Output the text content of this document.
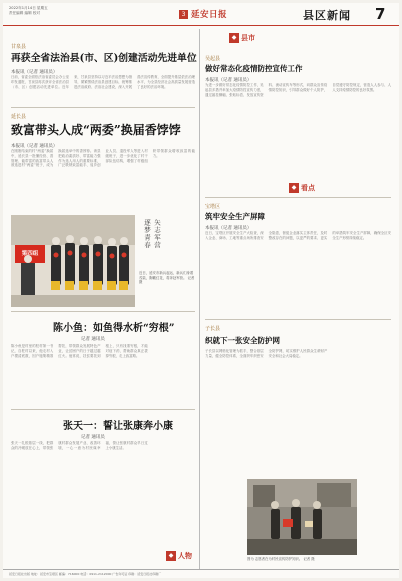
2022年1月14日 星期五
责任编辑 编辑 校对	3 延安日报	县区新闻 7
甘泉县
再获全省法治县(市、区)创建活动先进单位
本报讯（记者 通讯员）

日前，省委全面依法治省委员会办公室印发通报，甘泉县再次获评全省法治县（市、区）创建活动先进单位。近年来，甘泉县坚持以习近平法治思想为指导，紧紧围绕法治县创建目标，统筹推进法治政府、法治社会建设，深入开展普法宣传教育，全面提升基层依法治理水平，为全县经济社会高质量发展营造了良好的法治环境。

延长县
致富带头人成“两委”换届香饽饽
本报讯（记者 通讯员）

在刚刚结束的村“两委”换届中，延长县一批懂经营、善管理、能带富的致富带头人被选进村“两委”班子，成为换届选举中的香饽饽。该县把政治素质好、带富能力强作为选人用人的重要标准，广泛吸纳致富能手、返乡创业人员、退役军人等进入村级班子，进一步优化了村干部队伍结构，增强了村级组织带领群众增收致富的能力。

第四组
逐梦青春 矢志军营
近日，延安市新兵起运，新兵们身着戎装，胸戴红花，将奔赴军营。 记者 摄
陈小鱼：如鱼得水析“穷根”
记者 通讯员

陈小鱼是村里的驻村第一书记，自驻村以来，他走村入户摸清底数，因户施策精准帮扶，带领群众发展特色产业，让贫困户的日子越过越红火。他常说，扶贫要扶到根上，只有找准穷根，才能对症下药，帮助群众真正拔掉穷根，走上致富路。

张天一：誓让张康奔小康
记者 通讯员

张天一扎根基层一线，把群众的冷暖放在心上，带领张康村群众发展产业、改善环境，一心一意为村民谋幸福，誓让张康村群众早日过上小康生活。

◆ 人物
◆ 县市
吴起县
做好常态化疫情防控宣传工作
本报讯（记者 通讯员）

为进一步做好常态化疫情防控工作，吴起县多措并举加大疫情防控宣传力度，通过悬挂横幅、张贴标语、发放宣传资料、流动宣传车等形式，向群众宣传疫情防控知识，引导群众做好个人防护，自觉遵守防控规定，营造人人参与、人人支持疫情防控的良好氛围。

◆ 看点
宝塔区
筑牢安全生产屏障
本报讯（记者 通讯员）

近日，宝塔区开展安全生产大检查，深入企业、商场、工地等重点场所排查安全隐患，督促企业落实主体责任，及时整改存在的问题，以更严的要求、更实的举措筑牢安全生产屏障，确保全区安全生产形势持续稳定。

子长县
织就下一张安全防护网

子长县以网格化管理为抓手，整合基层力量，健全防控体系，全面织牢织密安全防护网，切实维护人民群众生命财产安全和社会大局稳定。

图为 志愿者在为村民宣传防护知识。 记者 摄
延安日报社出版 地址：延安市宝塔区 邮编：716000 电话：0911-2112000 广告许可证 印刷：延安日报社印刷厂
